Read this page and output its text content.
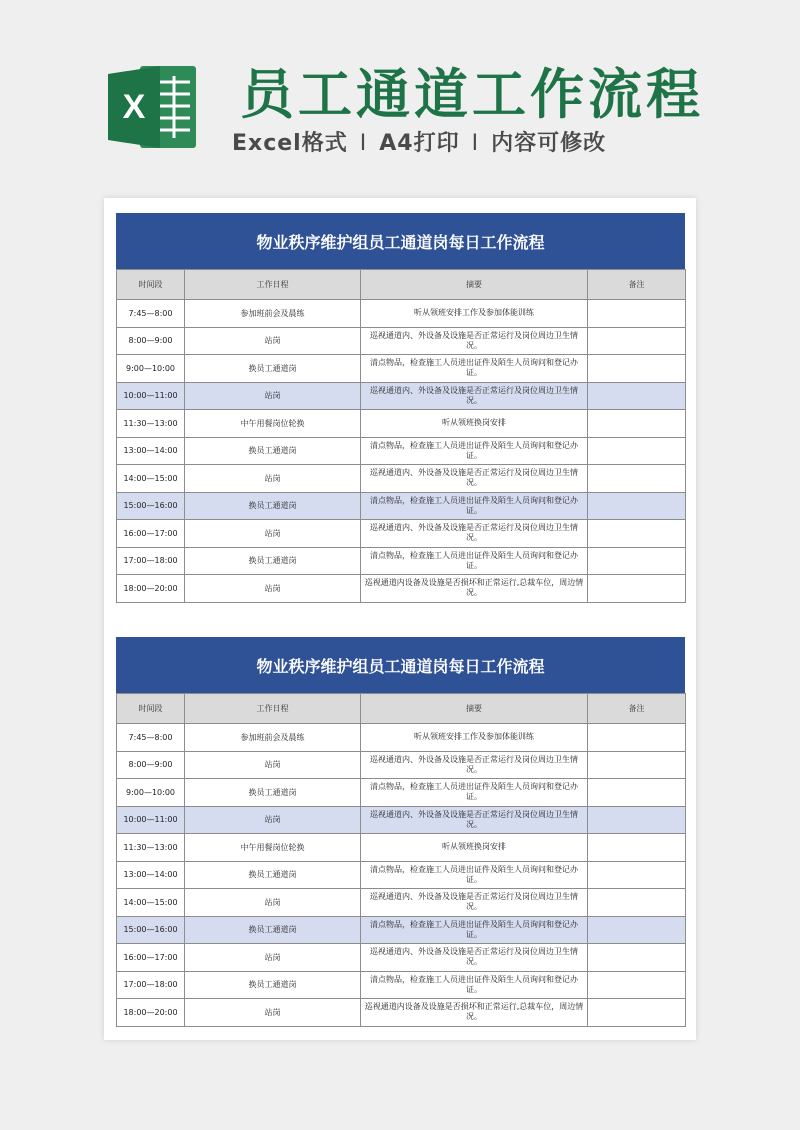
X 员工通道工作流程
Excel格式 I A4打印 I 内容可修改
物业秩序维护组员工通道岗每日工作流程
时间段	工作日程	摘要	备注
7:45—8:00	参加班前会及晨练	听从领班安排工作及参加体能训练	
8:00—9:00	站岗	巡视通道内、外设备及设施是否正常运行及岗位周边卫生情况。	
9:00—10:00	换员工通道岗	清点物品，检查施工人员进出证件及陌生人员询问和登记办证。	
10:00—11:00	站岗	巡视通道内、外设备及设施是否正常运行及岗位周边卫生情况。	
11:30—13:00	中午用餐岗位轮换	听从领班换岗安排	
13:00—14:00	换员工通道岗	清点物品，检查施工人员进出证件及陌生人员询问和登记办证。	
14:00—15:00	站岗	巡视通道内、外设备及设施是否正常运行及岗位周边卫生情况。	
15:00—16:00	换员工通道岗	清点物品，检查施工人员进出证件及陌生人员询问和登记办证。	
16:00—17:00	站岗	巡视通道内、外设备及设施是否正常运行及岗位周边卫生情况。	
17:00—18:00	换员工通道岗	清点物品，检查施工人员进出证件及陌生人员询问和登记办证。	
18:00—20:00	站岗	巡视通道内设备及设施是否损坏和正常运行,总裁车位，周边情况。	
物业秩序维护组员工通道岗每日工作流程
时间段	工作日程	摘要	备注
7:45—8:00	参加班前会及晨练	听从领班安排工作及参加体能训练	
8:00—9:00	站岗	巡视通道内、外设备及设施是否正常运行及岗位周边卫生情况。	
9:00—10:00	换员工通道岗	清点物品，检查施工人员进出证件及陌生人员询问和登记办证。	
10:00—11:00	站岗	巡视通道内、外设备及设施是否正常运行及岗位周边卫生情况。	
11:30—13:00	中午用餐岗位轮换	听从领班换岗安排	
13:00—14:00	换员工通道岗	清点物品，检查施工人员进出证件及陌生人员询问和登记办证。	
14:00—15:00	站岗	巡视通道内、外设备及设施是否正常运行及岗位周边卫生情况。	
15:00—16:00	换员工通道岗	清点物品，检查施工人员进出证件及陌生人员询问和登记办证。	
16:00—17:00	站岗	巡视通道内、外设备及设施是否正常运行及岗位周边卫生情况。	
17:00—18:00	换员工通道岗	清点物品，检查施工人员进出证件及陌生人员询问和登记办证。	
18:00—20:00	站岗	巡视通道内设备及设施是否损坏和正常运行,总裁车位，周边情况。	
